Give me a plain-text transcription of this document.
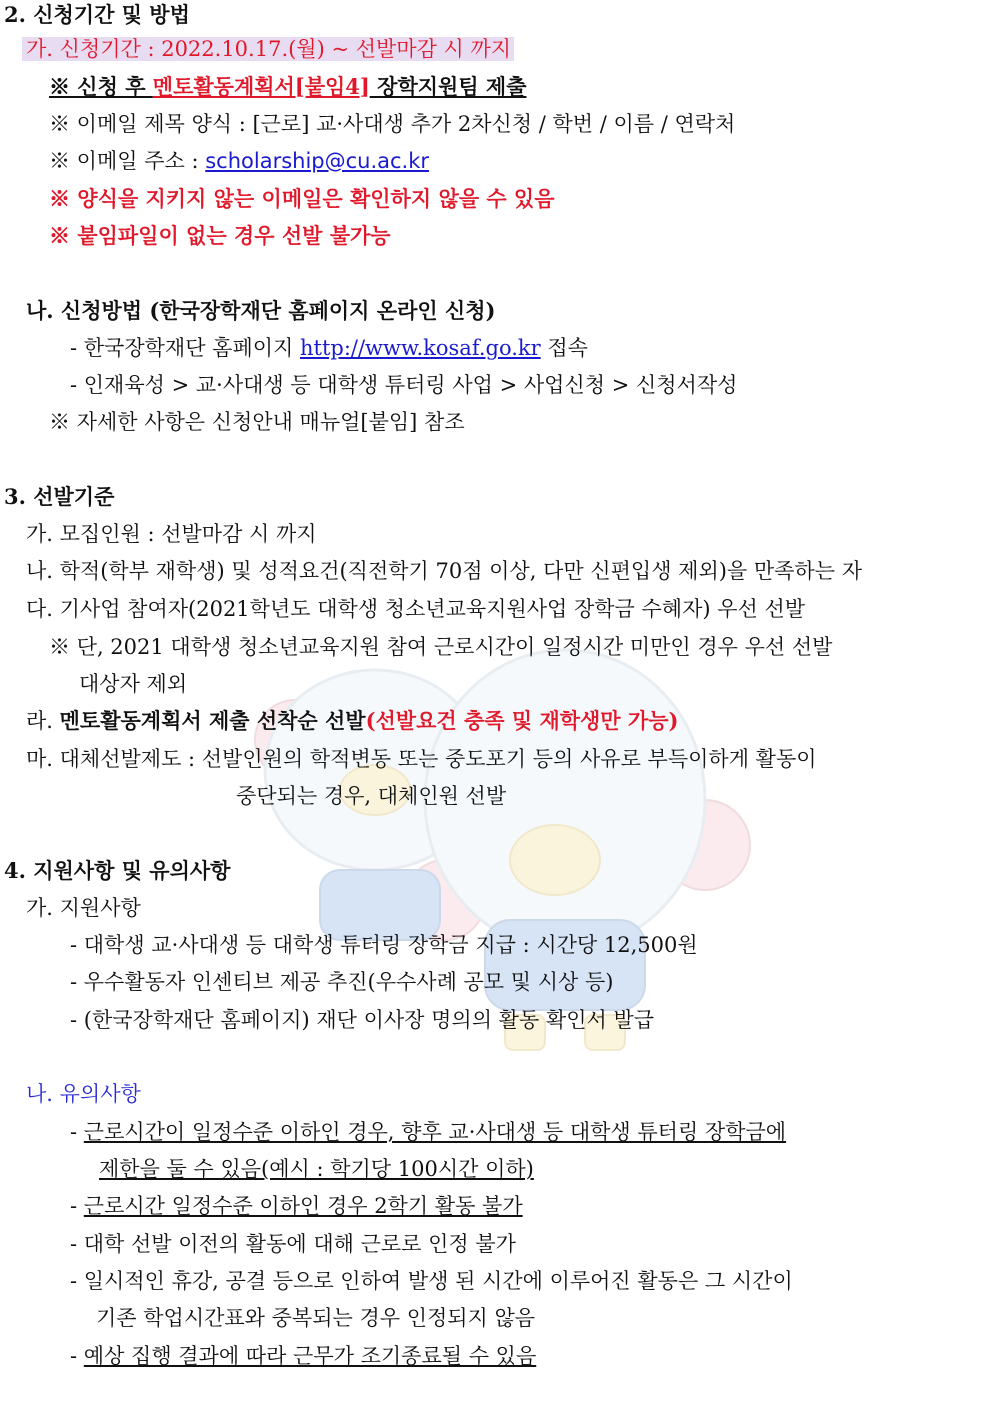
2. 신청기간 및 방법
가. 신청기간 : 2022.10.17.(월) ~ 선발마감 시 까지
※ 신청 후 멘토활동계획서[붙임4] 장학지원팀 제출
※ 이메일 제목 양식 : [근로] 교·사대생 추가 2차신청 / 학번 / 이름 / 연락처
※ 이메일 주소 : scholarship@cu.ac.kr
※ 양식을 지키지 않는 이메일은 확인하지 않을 수 있음
※ 붙임파일이 없는 경우 선발 불가능
나. 신청방법 (한국장학재단 홈페이지 온라인 신청)
- 한국장학재단 홈페이지 http://www.kosaf.go.kr 접속
- 인재육성 > 교·사대생 등 대학생 튜터링 사업 > 사업신청 > 신청서작성
※ 자세한 사항은 신청안내 매뉴얼[붙임] 참조
3. 선발기준
가. 모집인원 : 선발마감 시 까지
나. 학적(학부 재학생) 및 성적요건(직전학기 70점 이상, 다만 신편입생 제외)을 만족하는 자
다. 기사업 참여자(2021학년도 대학생 청소년교육지원사업 장학금 수혜자) 우선 선발
※ 단, 2021 대학생 청소년교육지원 참여 근로시간이 일정시간 미만인 경우 우선 선발
대상자 제외
라. 멘토활동계획서 제출 선착순 선발(선발요건 충족 및 재학생만 가능)
마. 대체선발제도 : 선발인원의 학적변동 또는 중도포기 등의 사유로 부득이하게 활동이
중단되는 경우, 대체인원 선발
4. 지원사항 및 유의사항
가. 지원사항
- 대학생 교·사대생 등 대학생 튜터링 장학금 지급 : 시간당 12,500원
- 우수활동자 인센티브 제공 추진(우수사례 공모 및 시상 등)
- (한국장학재단 홈페이지) 재단 이사장 명의의 활동 확인서 발급
나. 유의사항
- 근로시간이 일정수준 이하인 경우, 향후 교·사대생 등 대학생 튜터링 장학금에
제한을 둘 수 있음(예시 : 학기당 100시간 이하)
- 근로시간 일정수준 이하인 경우 2학기 활동 불가
- 대학 선발 이전의 활동에 대해 근로로 인정 불가
- 일시적인 휴강, 공결 등으로 인하여 발생 된 시간에 이루어진 활동은 그 시간이
기존 학업시간표와 중복되는 경우 인정되지 않음
- 예상 집행 결과에 따라 근무가 조기종료될 수 있음
